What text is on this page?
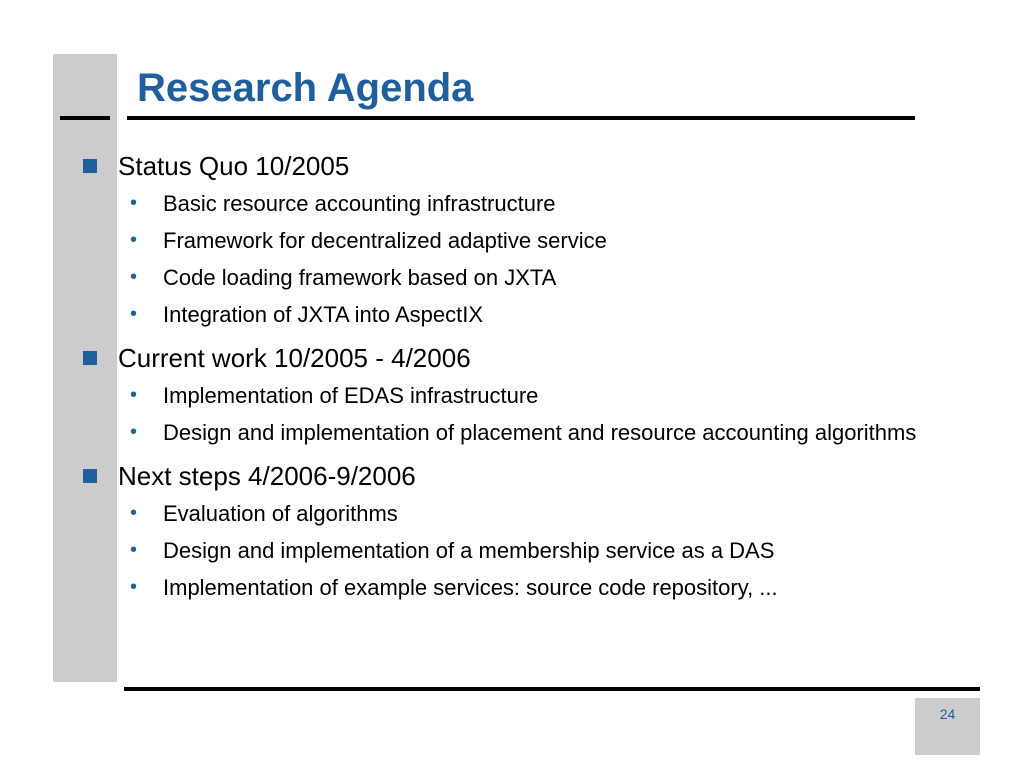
Research Agenda
Status Quo 10/2005
• Basic resource accounting infrastructure
• Framework for decentralized adaptive service
• Code loading framework based on JXTA
• Integration of JXTA into AspectIX
Current work 10/2005 - 4/2006
• Implementation of EDAS infrastructure
• Design and implementation of placement and resource accounting algorithms
Next steps 4/2006-9/2006
• Evaluation of algorithms
• Design and implementation of a membership service as a DAS
• Implementation of example services: source code repository, ...
24
